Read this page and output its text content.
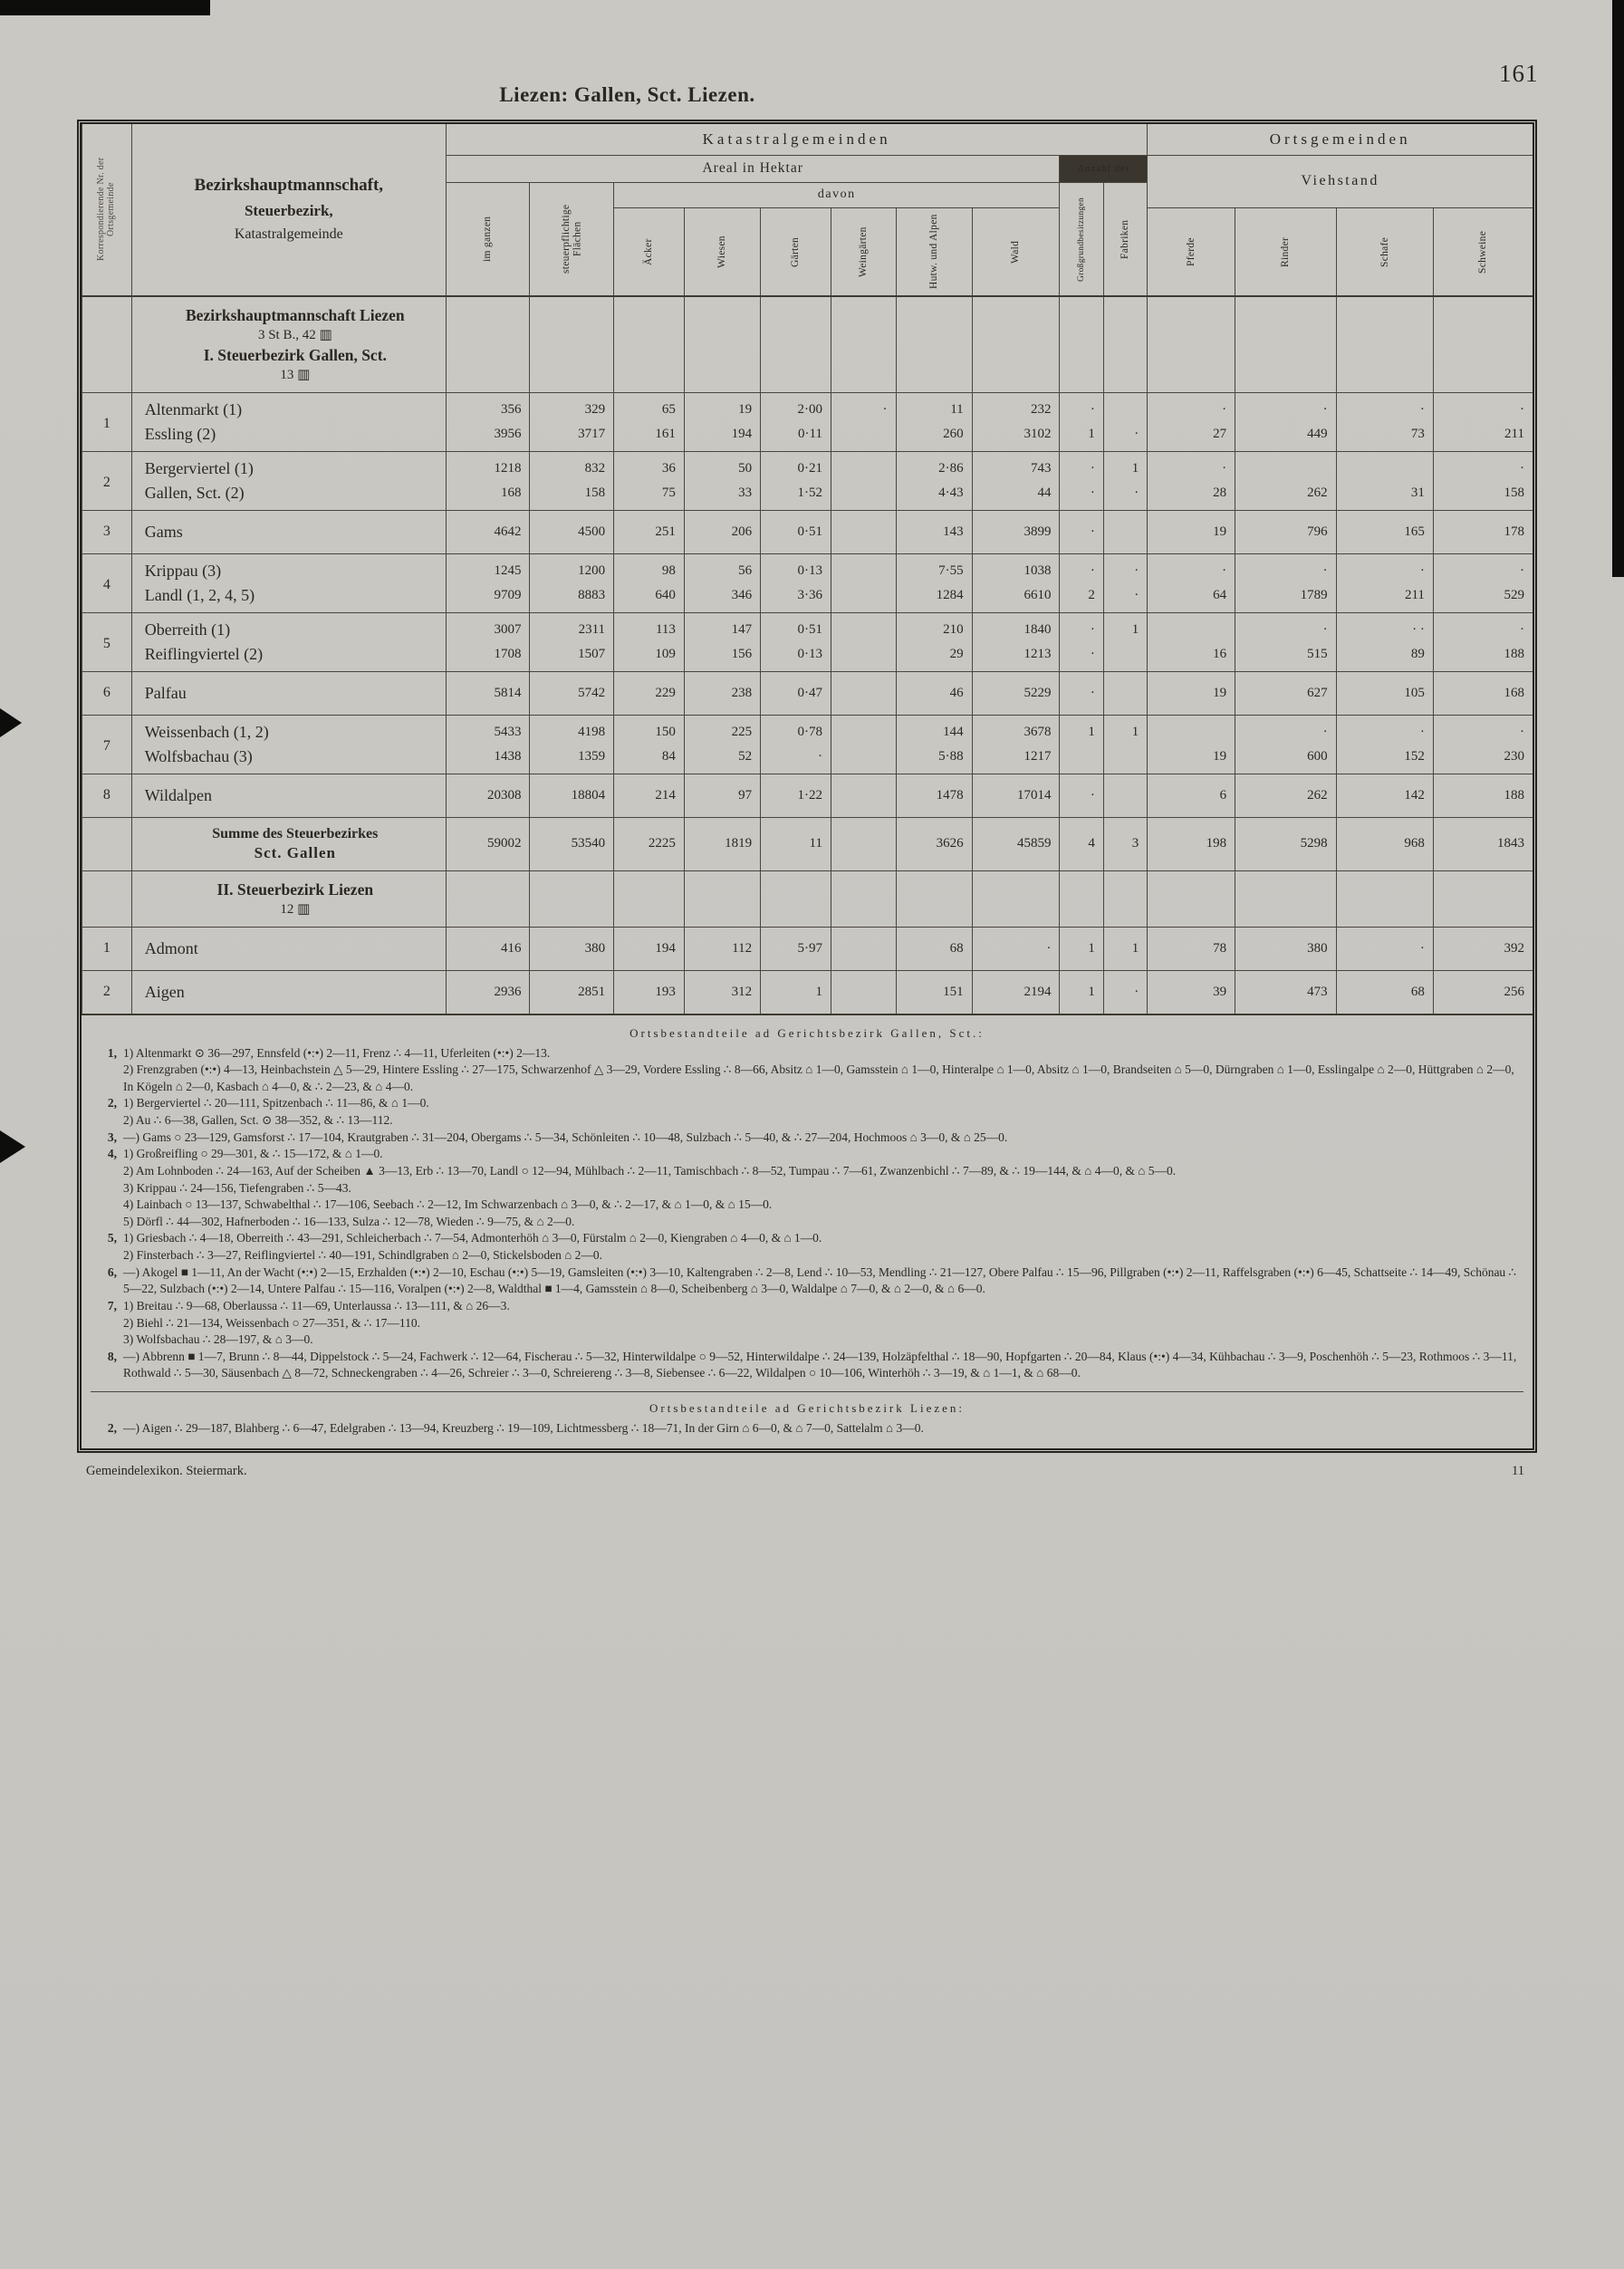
161
Liezen: Gallen, Sct. Liezen.
Korrespondierende Nr. der Ortsgemeinde	Bezirkshauptmannschaft,
Steuerbezirk,
Katastralgemeinde	Katastralgemeinden										Ortsgemeinden			
		Areal in Hektar								Anzahl der		Viehstand			

		im ganzen	steuerpflichtige Flächen	davon						Großgrundbesitzungen	Fabriken				

				Äcker	Wiesen	Gärten	Weingärten	Hutw. und Alpen	Wald			Pferde	Rinder	Schafe	Schweine

	Bezirkshauptmannschaft Liezen
3 St B., 42 ▥
I. Steuerbezirk Gallen, Sct.
13 ▥														

1	Altenmarkt (1)	356	329	65	19	2·00	·	11	232	·		·	·	·	·
	Essling (2)	3956	3717	161	194	0·11		260	3102	1	·	27	449	73	211
2	Bergerviertel (1)	1218	832	36	50	0·21		2·86	743	·	1	·			·
	Gallen, Sct. (2)	168	158	75	33	1·52		4·43	44	·	·	28	262	31	158
3	Gams	4642	4500	251	206	0·51		143	3899	·		19	796	165	178
4	Krippau (3)	1245	1200	98	56	0·13		7·55	1038	·	·	·	·	·	·
	Landl (1, 2, 4, 5)	9709	8883	640	346	3·36		1284	6610	2	·	64	1789	211	529
5	Oberreith (1)	3007	2311	113	147	0·51		210	1840	·	1		·	· ·	·
	Reiflingviertel (2)	1708	1507	109	156	0·13		29	1213	·		16	515	89	188
6	Palfau	5814	5742	229	238	0·47		46	5229	·		19	627	105	168
7	Weissenbach (1, 2)	5433	4198	150	225	0·78		144	3678	1	1		·	·	·
	Wolfsbachau (3)	1438	1359	84	52	·		5·88	1217			19	600	152	230
8	Wildalpen	20308	18804	214	97	1·22		1478	17014	·		6	262	142	188

	Summe des Steuerbezirkes
Sct. Gallen	59002	53540	2225	1819	11		3626	45859	4	3	198	5298	968	1843

	II. Steuerbezirk Liezen
12 ▥														

1	Admont	416	380	194	112	5·97		68	·	1	1	78	380	·	392
2	Aigen	2936	2851	193	312	1		151	2194	1	·	39	473	68	256
Ortsbestandteile ad Gerichtsbezirk Gallen, Sct.:
1, 1) Altenmarkt ⊙ 36—297, Ennsfeld (•:•) 2—11, Frenz ∴ 4—11, Uferleiten (•:•) 2—13.
2) Frenzgraben (•:•) 4—13, Heinbachstein △ 5—29, Hintere Essling ∴ 27—175, Schwarzenhof △ 3—29, Vordere Essling ∴ 8—66, Absitz ⌂ 1—0, Gamsstein ⌂ 1—0, Hinteralpe ⌂ 1—0, Absitz ⌂ 1—0, Brandseiten ⌂ 5—0, Dürngraben ⌂ 1—0, Esslingalpe ⌂ 2—0, Hüttgraben ⌂ 2—0, In Kögeln ⌂ 2—0, Kasbach ⌂ 4—0, & ∴ 2—23, & ⌂ 4—0.
2, 1) Bergerviertel ∴ 20—111, Spitzenbach ∴ 11—86, & ⌂ 1—0.
2) Au ∴ 6—38, Gallen, Sct. ⊙ 38—352, & ∴ 13—112.
3, —) Gams ○ 23—129, Gamsforst ∴ 17—104, Krautgraben ∴ 31—204, Obergams ∴ 5—34, Schönleiten ∴ 10—48, Sulzbach ∴ 5—40, & ∴ 27—204, Hochmoos ⌂ 3—0, & ⌂ 25—0.
4, 1) Großreifling ○ 29—301, & ∴ 15—172, & ⌂ 1—0.
2) Am Lohnboden ∴ 24—163, Auf der Scheiben ▲ 3—13, Erb ∴ 13—70, Landl ○ 12—94, Mühlbach ∴ 2—11, Tamischbach ∴ 8—52, Tumpau ∴ 7—61, Zwanzenbichl ∴ 7—89, & ∴ 19—144, & ⌂ 4—0, & ⌂ 5—0.
3) Krippau ∴ 24—156, Tiefengraben ∴ 5—43.
4) Lainbach ○ 13—137, Schwabelthal ∴ 17—106, Seebach ∴ 2—12, Im Schwarzenbach ⌂ 3—0, & ∴ 2—17, & ⌂ 1—0, & ⌂ 15—0.
5) Dörfl ∴ 44—302, Hafnerboden ∴ 16—133, Sulza ∴ 12—78, Wieden ∴ 9—75, & ⌂ 2—0.
5, 1) Griesbach ∴ 4—18, Oberreith ∴ 43—291, Schleicherbach ∴ 7—54, Admonterhöh ⌂ 3—0, Fürstalm ⌂ 2—0, Kiengraben ⌂ 4—0, & ⌂ 1—0.
2) Finsterbach ∴ 3—27, Reiflingviertel ∴ 40—191, Schindlgraben ⌂ 2—0, Stickelsboden ⌂ 2—0.
6, —) Akogel ■ 1—11, An der Wacht (•:•) 2—15, Erzhalden (•:•) 2—10, Eschau (•:•) 5—19, Gamsleiten (•:•) 3—10, Kaltengraben ∴ 2—8, Lend ∴ 10—53, Mendling ∴ 21—127, Obere Palfau ∴ 15—96, Pillgraben (•:•) 2—11, Raffelsgraben (•:•) 6—45, Schattseite ∴ 14—49, Schönau ∴ 5—22, Sulzbach (•:•) 2—14, Untere Palfau ∴ 15—116, Voralpen (•:•) 2—8, Waldthal ■ 1—4, Gamsstein ⌂ 8—0, Scheibenberg ⌂ 3—0, Waldalpe ⌂ 7—0, & ⌂ 2—0, & ⌂ 6—0.
7, 1) Breitau ∴ 9—68, Oberlaussa ∴ 11—69, Unterlaussa ∴ 13—111, & ⌂ 26—3.
2) Biehl ∴ 21—134, Weissenbach ○ 27—351, & ∴ 17—110.
3) Wolfsbachau ∴ 28—197, & ⌂ 3—0.
8, —) Abbrenn ■ 1—7, Brunn ∴ 8—44, Dippelstock ∴ 5—24, Fachwerk ∴ 12—64, Fischerau ∴ 5—32, Hinterwildalpe ○ 9—52, Hinterwildalpe ∴ 24—139, Holzäpfelthal ∴ 18—90, Hopfgarten ∴ 20—84, Klaus (•:•) 4—34, Kühbachau ∴ 3—9, Poschenhöh ∴ 5—23, Rothmoos ∴ 3—11, Rothwald ∴ 5—30, Säusenbach △ 8—72, Schneckengraben ∴ 4—26, Schreier ∴ 3—0, Schreiereng ∴ 3—8, Siebensee ∴ 6—22, Wildalpen ○ 10—106, Winterhöh ∴ 3—19, & ⌂ 1—1, & ⌂ 68—0.
Ortsbestandteile ad Gerichtsbezirk Liezen:
2, —) Aigen ∴ 29—187, Blahberg ∴ 6—47, Edelgraben ∴ 13—94, Kreuzberg ∴ 19—109, Lichtmessberg ∴ 18—71, In der Girn ⌂ 6—0, & ⌂ 7—0, Sattelalm ⌂ 3—0.
Gemeindelexikon. Steiermark.	11
